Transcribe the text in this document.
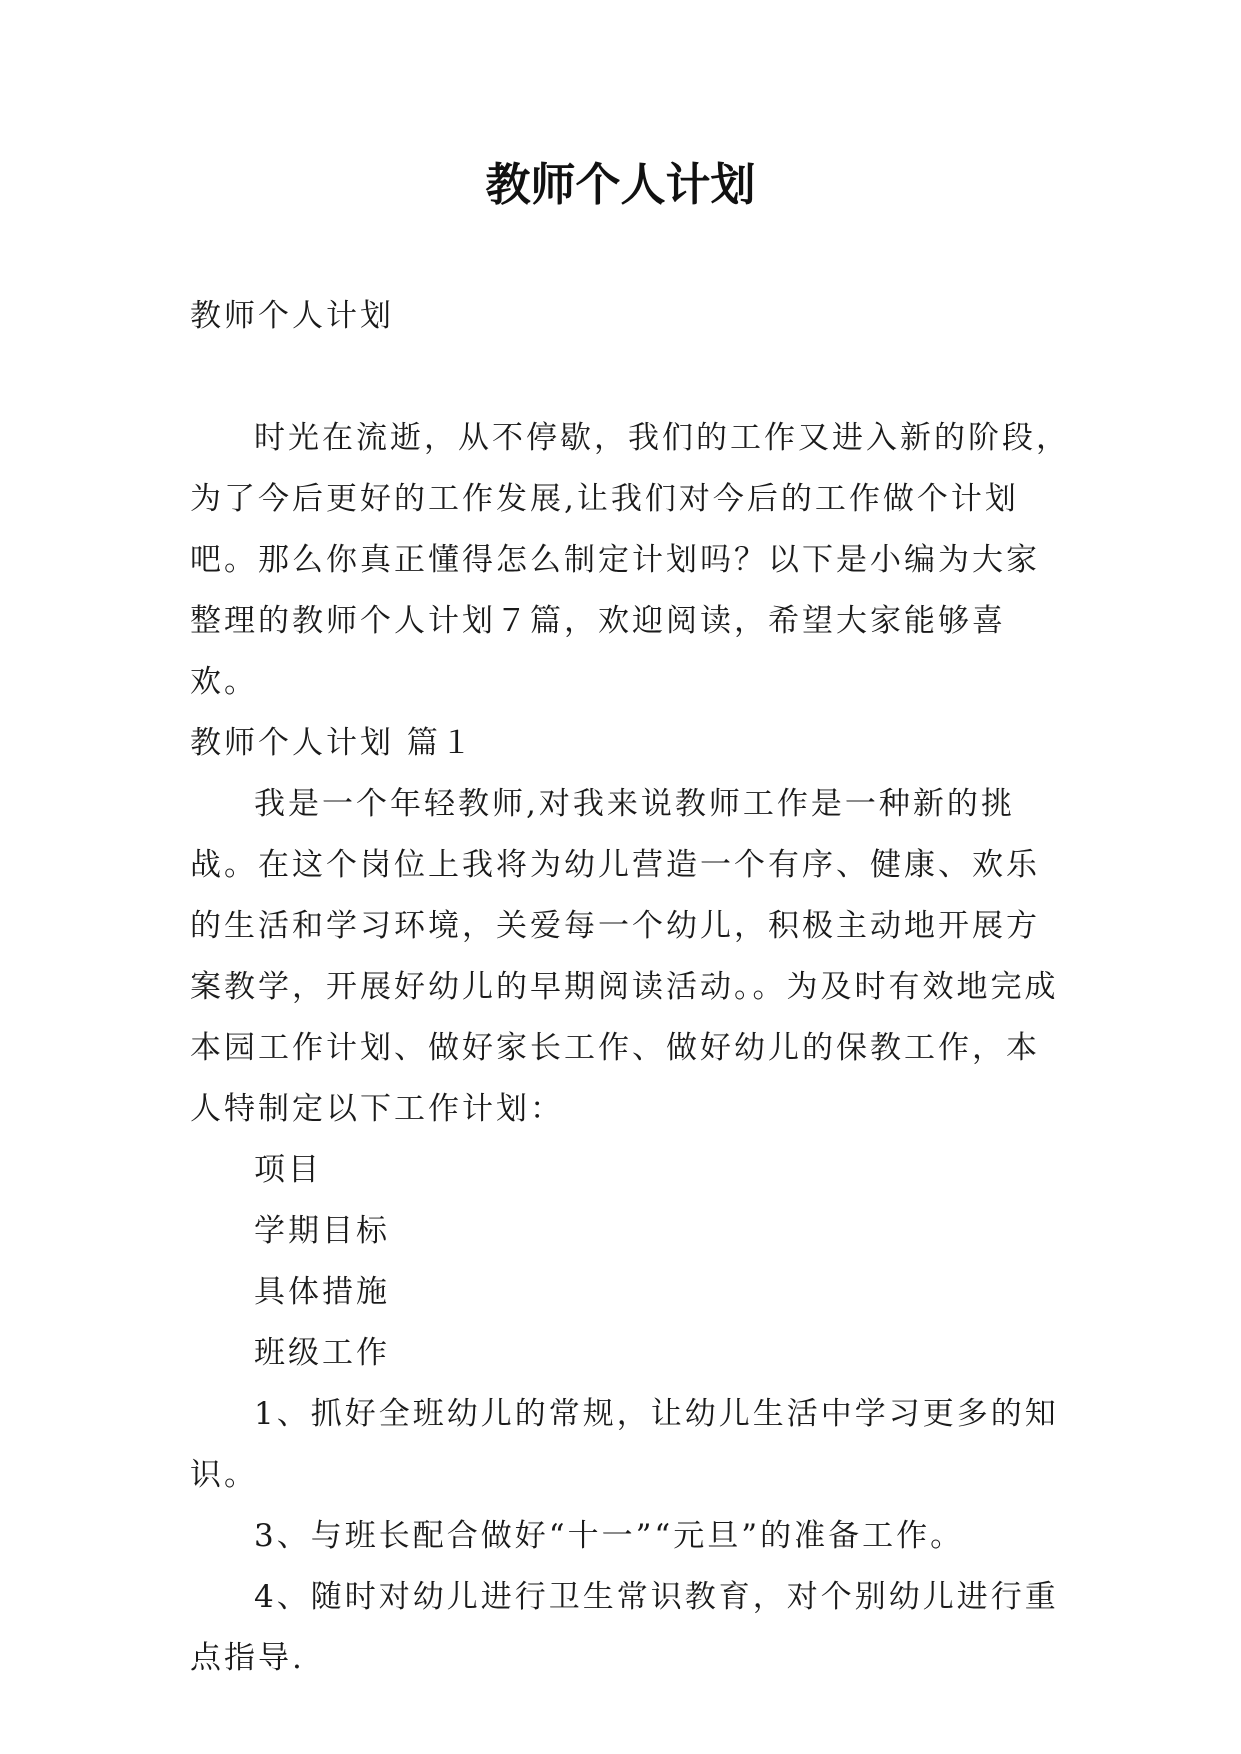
教师个人计划

教师个人计划

时光在流逝，从不停歇，我们的工作又进入新的阶段，为了今后更好的工作发展,让我们对今后的工作做个计划吧。那么你真正懂得怎么制定计划吗？以下是小编为大家整理的教师个人计划７篇，欢迎阅读，希望大家能够喜欢。

教师个人计划 篇１

我是一个年轻教师,对我来说教师工作是一种新的挑战。在这个岗位上我将为幼儿营造一个有序、健康、欢乐的生活和学习环境，关爱每一个幼儿，积极主动地开展方案教学，开展好幼儿的早期阅读活动。。为及时有效地完成本园工作计划、做好家长工作、做好幼儿的保教工作，本人特制定以下工作计划：

项目

学期目标

具体措施

班级工作

1、抓好全班幼儿的常规，让幼儿生活中学习更多的知识。

3、与班长配合做好“十一”“元旦”的准备工作。

4、随时对幼儿进行卫生常识教育，对个别幼儿进行重点指导.
